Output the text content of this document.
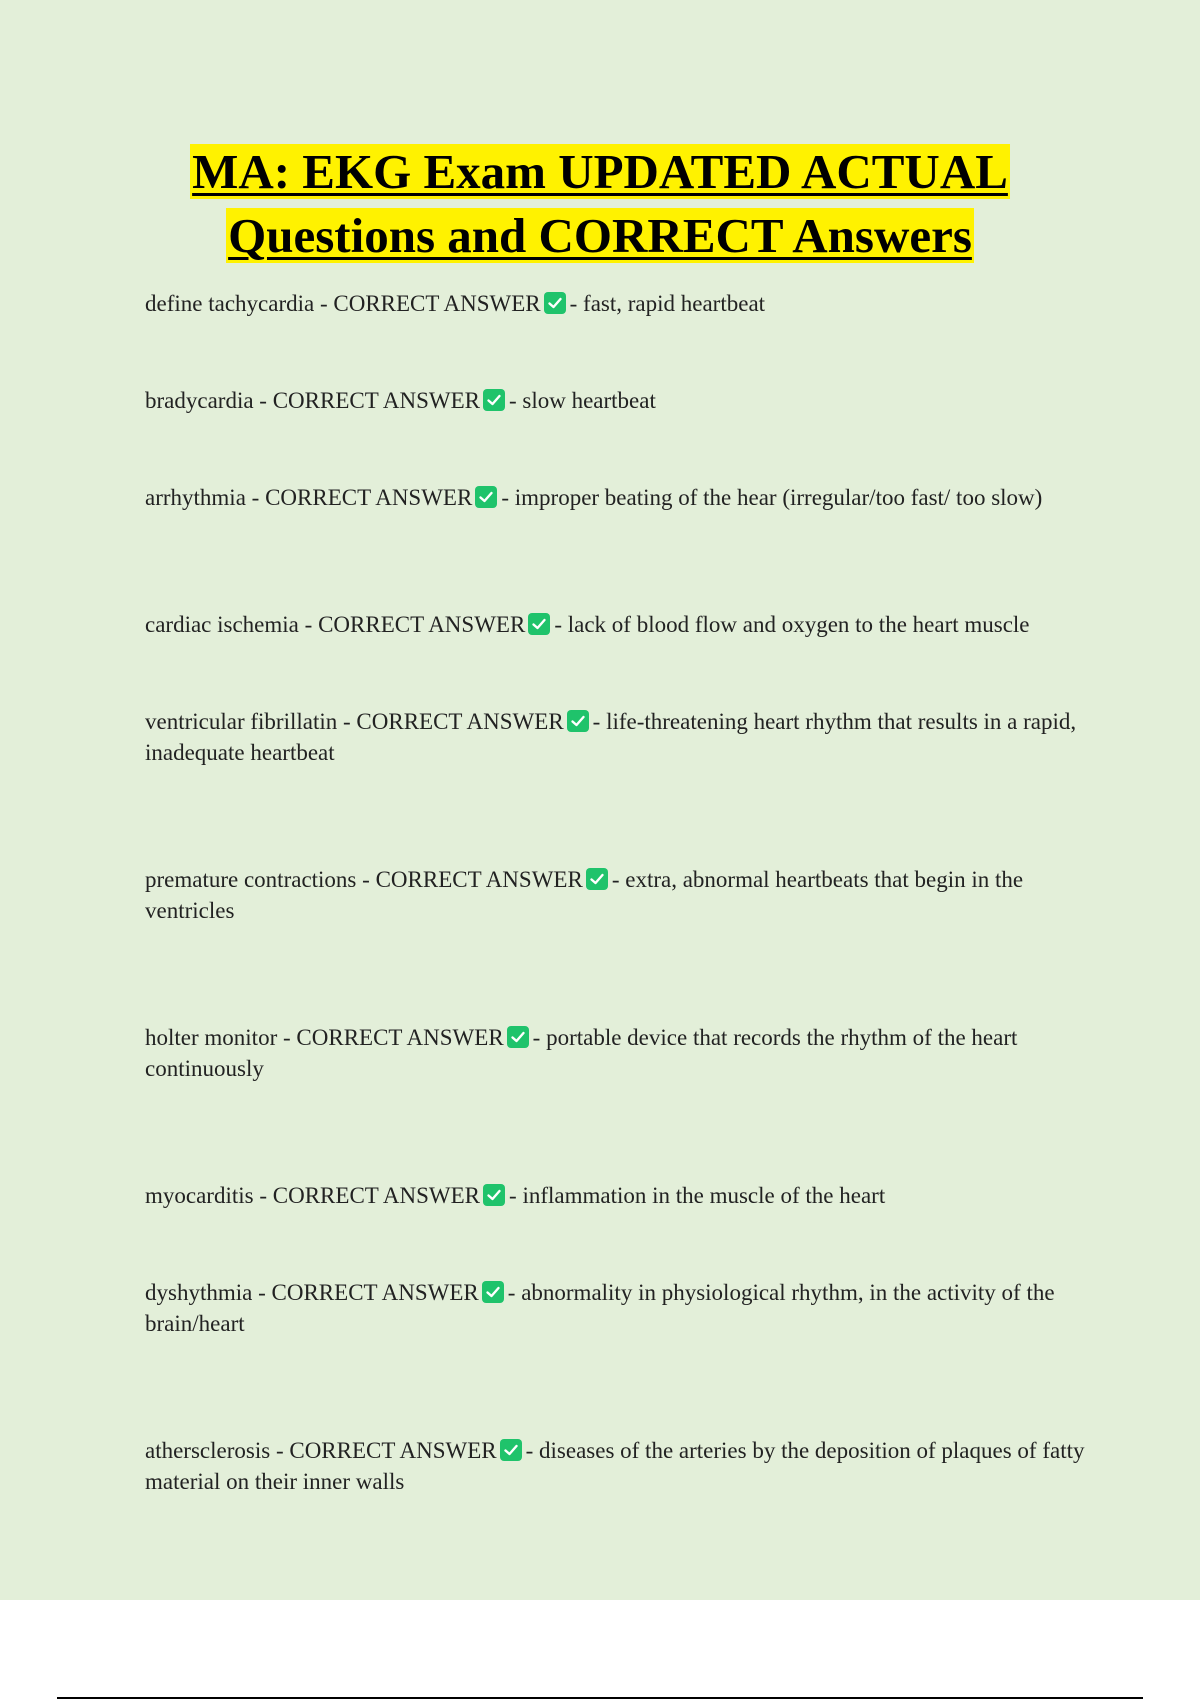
MA: EKG Exam UPDATED ACTUAL
Questions and CORRECT Answers

define tachycardia - CORRECT ANSWER - fast, rapid heartbeat

bradycardia - CORRECT ANSWER - slow heartbeat

arrhythmia - CORRECT ANSWER - improper beating of the hear (irregular/too fast/ too slow)

cardiac ischemia - CORRECT ANSWER - lack of blood flow and oxygen to the heart muscle

ventricular fibrillatin - CORRECT ANSWER - life-threatening heart rhythm that results in a rapid, inadequate heartbeat

premature contractions - CORRECT ANSWER - extra, abnormal heartbeats that begin in the ventricles

holter monitor - CORRECT ANSWER - portable device that records the rhythm of the heart continuously

myocarditis - CORRECT ANSWER - inflammation in the muscle of the heart

dyshythmia - CORRECT ANSWER - abnormality in physiological rhythm, in the activity of the brain/heart

athersclerosis - CORRECT ANSWER - diseases of the arteries by the deposition of plaques of fatty material on their inner walls
